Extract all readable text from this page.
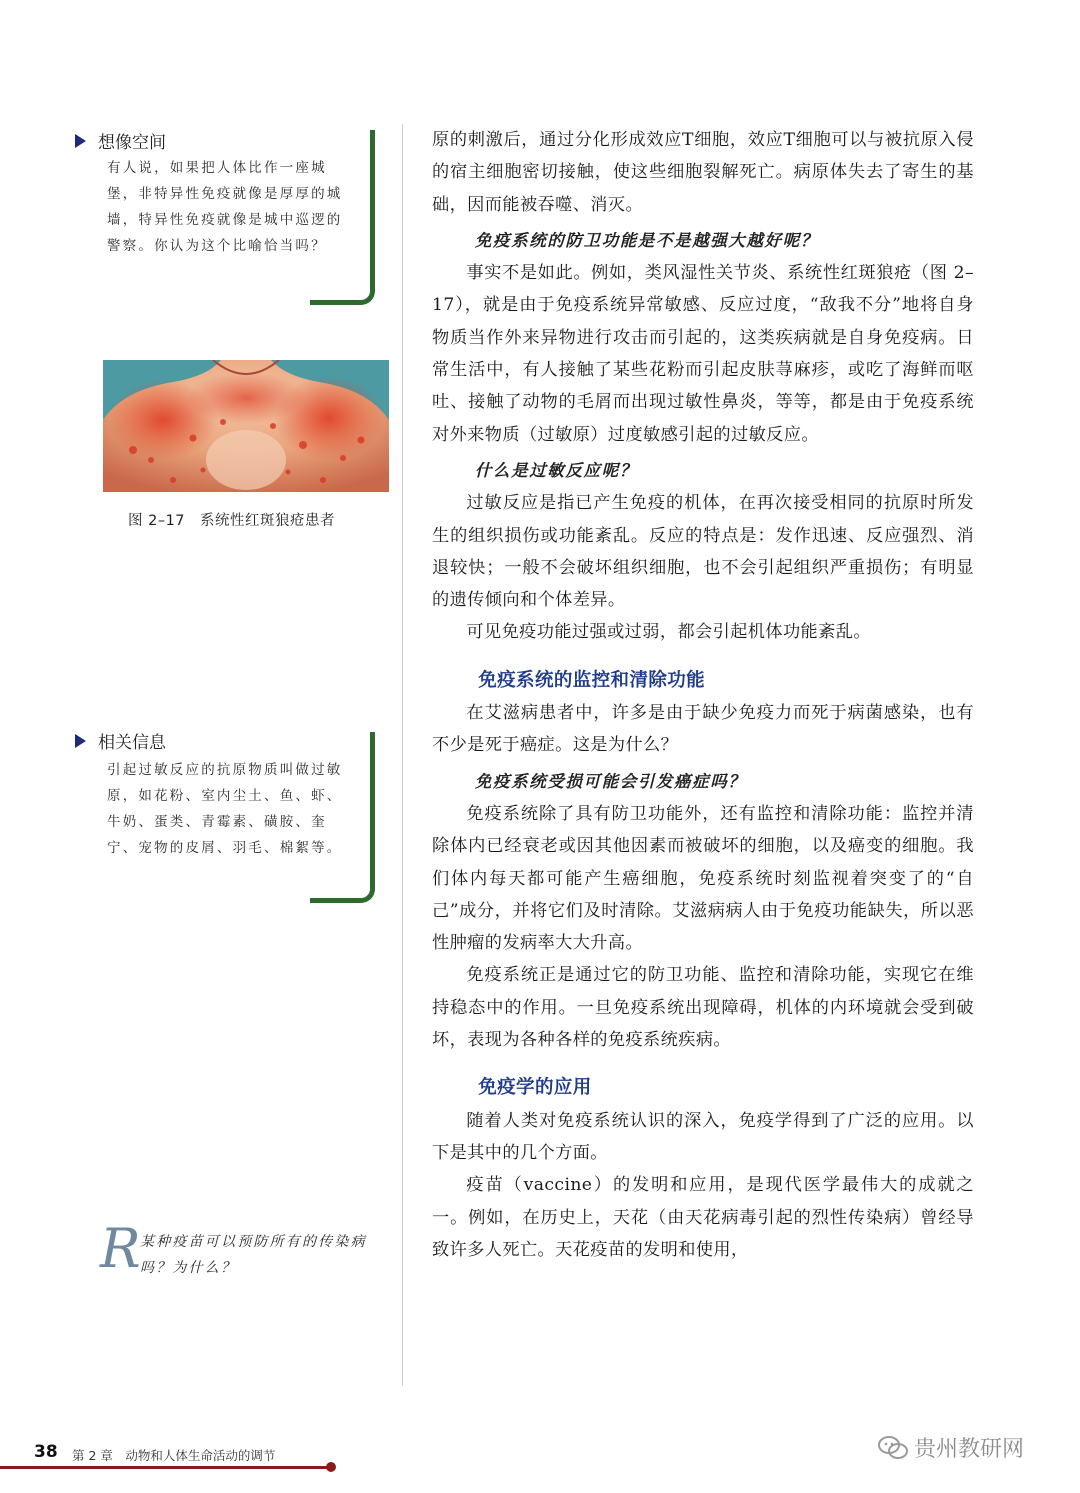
想像空间
有人说，如果把人体比作一座城堡，非特异性免疫就像是厚厚的城墙，特异性免疫就像是城中巡逻的警察。你认为这个比喻恰当吗？
图 2–17　系统性红斑狼疮患者
相关信息
引起过敏反应的抗原物质叫做过敏原，如花粉、室内尘土、鱼、虾、牛奶、蛋类、青霉素、磺胺、奎宁、宠物的皮屑、羽毛、棉絮等。
R 某种疫苗可以预防所有的传染病吗？为什么？

原的刺激后，通过分化形成效应T细胞，效应T细胞可以与被抗原入侵的宿主细胞密切接触，使这些细胞裂解死亡。病原体失去了寄生的基础，因而能被吞噬、消灭。

免疫系统的防卫功能是不是越强大越好呢？

事实不是如此。例如，类风湿性关节炎、系统性红斑狼疮（图 2–17），就是由于免疫系统异常敏感、反应过度，“敌我不分”地将自身物质当作外来异物进行攻击而引起的，这类疾病就是自身免疫病。日常生活中，有人接触了某些花粉而引起皮肤荨麻疹，或吃了海鲜而呕吐、接触了动物的毛屑而出现过敏性鼻炎，等等，都是由于免疫系统对外来物质（过敏原）过度敏感引起的过敏反应。

什么是过敏反应呢？

过敏反应是指已产生免疫的机体，在再次接受相同的抗原时所发生的组织损伤或功能紊乱。反应的特点是：发作迅速、反应强烈、消退较快；一般不会破坏组织细胞，也不会引起组织严重损伤；有明显的遗传倾向和个体差异。

可见免疫功能过强或过弱，都会引起机体功能紊乱。

免疫系统的监控和清除功能

在艾滋病患者中，许多是由于缺少免疫力而死于病菌感染，也有不少是死于癌症。这是为什么？

免疫系统受损可能会引发癌症吗？

免疫系统除了具有防卫功能外，还有监控和清除功能：监控并清除体内已经衰老或因其他因素而被破坏的细胞，以及癌变的细胞。我们体内每天都可能产生癌细胞，免疫系统时刻监视着突变了的“自己”成分，并将它们及时清除。艾滋病病人由于免疫功能缺失，所以恶性肿瘤的发病率大大升高。

免疫系统正是通过它的防卫功能、监控和清除功能，实现它在维持稳态中的作用。一旦免疫系统出现障碍，机体的内环境就会受到破坏，表现为各种各样的免疫系统疾病。

免疫学的应用

随着人类对免疫系统认识的深入，免疫学得到了广泛的应用。以下是其中的几个方面。

疫苗（vaccine）的发明和应用，是现代医学最伟大的成就之一。例如，在历史上，天花（由天花病毒引起的烈性传染病）曾经导致许多人死亡。天花疫苗的发明和使用，

38 第 2 章　动物和人体生命活动的调节	贵州教研网
